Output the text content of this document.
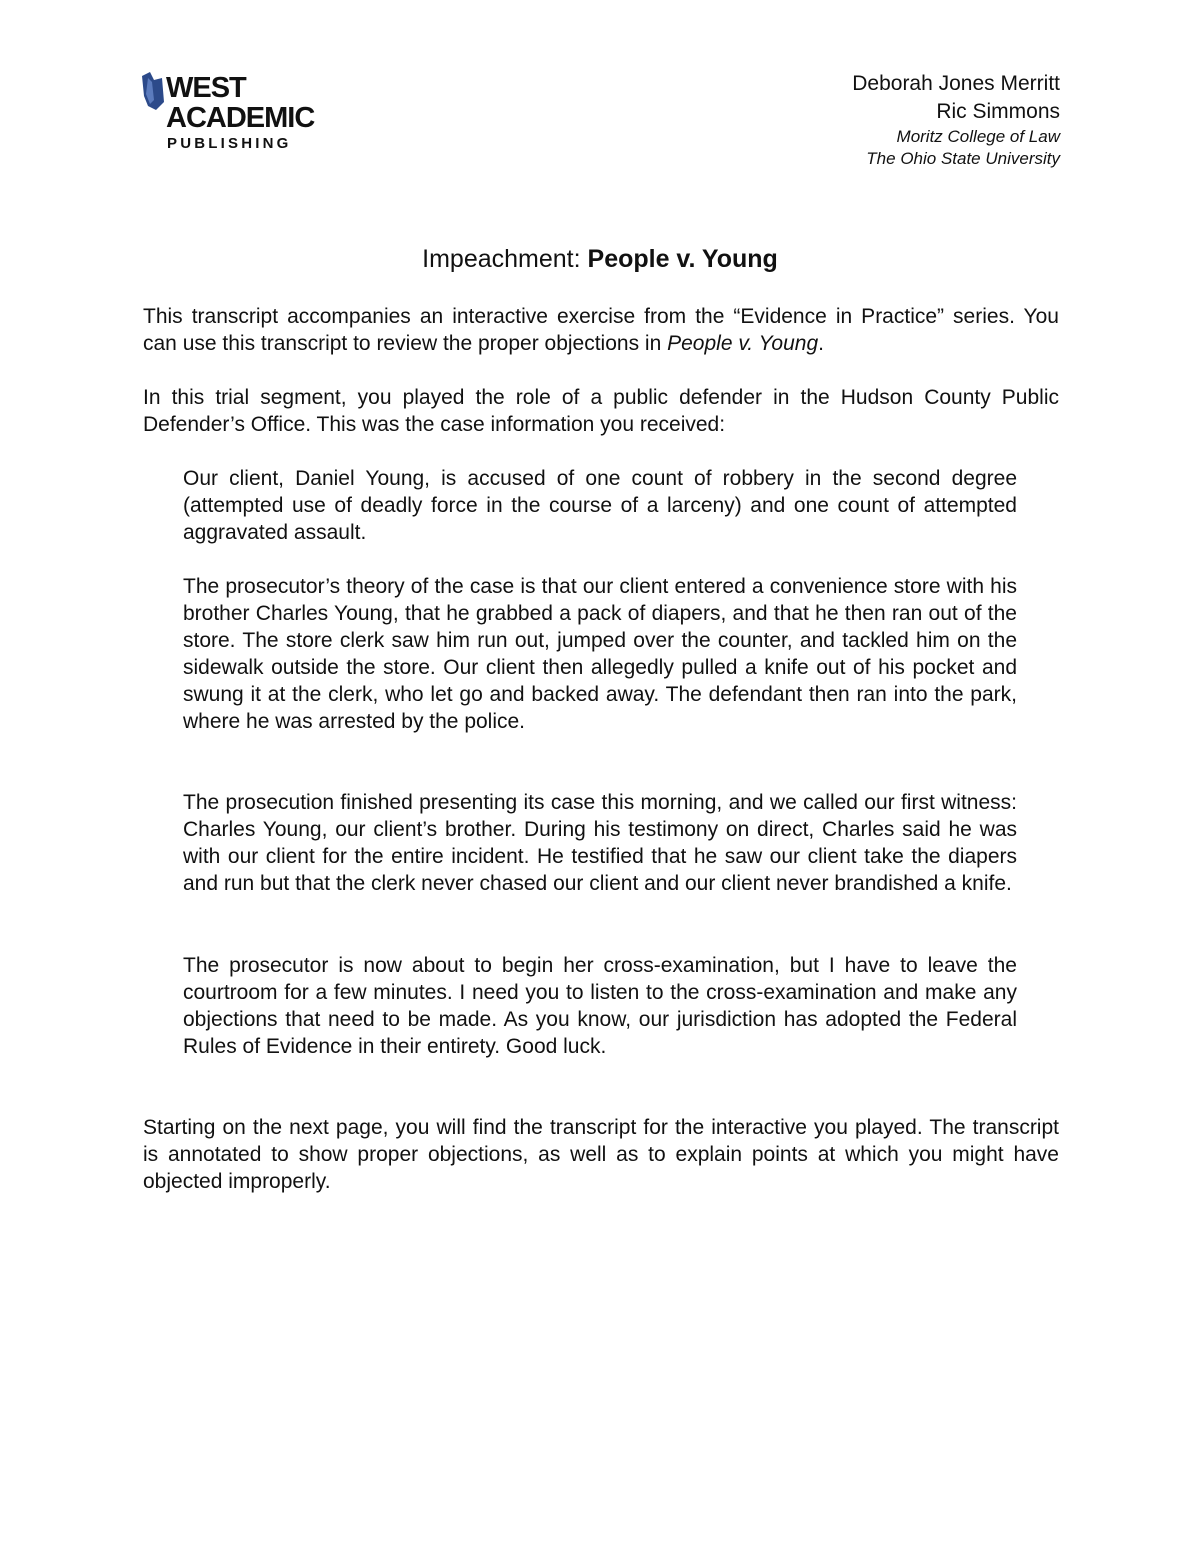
WEST
ACADEMIC
PUBLISHING
Deborah Jones Merritt
Ric Simmons
Moritz College of Law
The Ohio State University
Impeachment: People v. Young

This transcript accompanies an interactive exercise from the “Evidence in Practice” series. You can use this transcript to review the proper objections in People v. Young.

In this trial segment, you played the role of a public defender in the Hudson County Public Defender’s Office. This was the case information you received:

Our client, Daniel Young, is accused of one count of robbery in the second degree (attempted use of deadly force in the course of a larceny) and one count of attempted aggravated assault.

The prosecutor’s theory of the case is that our client entered a convenience store with his brother Charles Young, that he grabbed a pack of diapers, and that he then ran out of the store. The store clerk saw him run out, jumped over the counter, and tackled him on the sidewalk outside the store. Our client then allegedly pulled a knife out of his pocket and swung it at the clerk, who let go and backed away. The defendant then ran into the park, where he was arrested by the police.

The prosecution finished presenting its case this morning, and we called our first witness: Charles Young, our client’s brother. During his testimony on direct, Charles said he was with our client for the entire incident. He testified that he saw our client take the diapers and run but that the clerk never chased our client and our client never brandished a knife.

The prosecutor is now about to begin her cross-examination, but I have to leave the courtroom for a few minutes. I need you to listen to the cross-examination and make any objections that need to be made. As you know, our jurisdiction has adopted the Federal Rules of Evidence in their entirety. Good luck.

Starting on the next page, you will find the transcript for the interactive you played. The transcript is annotated to show proper objections, as well as to explain points at which you might have objected improperly.
